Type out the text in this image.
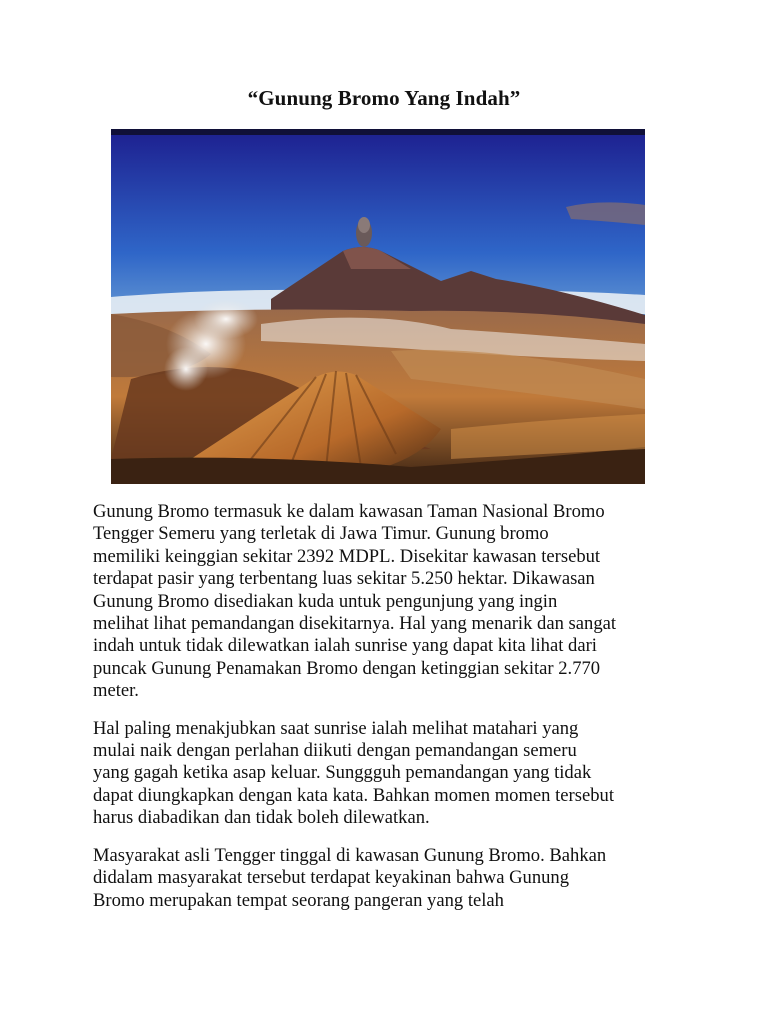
“Gunung Bromo Yang Indah”

Gunung Bromo termasuk ke dalam kawasan Taman Nasional Bromo
Tengger Semeru yang terletak di Jawa Timur. Gunung bromo
memiliki keinggian sekitar 2392 MDPL. Disekitar kawasan tersebut
terdapat pasir yang terbentang luas sekitar 5.250 hektar. Dikawasan
Gunung Bromo disediakan kuda untuk pengunjung yang ingin
melihat lihat pemandangan disekitarnya. Hal yang menarik dan sangat
indah untuk tidak dilewatkan ialah sunrise yang dapat kita lihat dari
puncak Gunung Penamakan Bromo dengan ketinggian sekitar 2.770
meter.

Hal paling menakjubkan saat sunrise ialah melihat matahari yang
mulai naik dengan perlahan diikuti dengan pemandangan semeru
yang gagah ketika asap keluar. Sunggguh pemandangan yang tidak
dapat diungkapkan dengan kata kata. Bahkan momen momen tersebut
harus diabadikan dan tidak boleh dilewatkan.

Masyarakat asli Tengger tinggal di kawasan Gunung Bromo. Bahkan
didalam masyarakat tersebut terdapat keyakinan bahwa Gunung
Bromo merupakan tempat seorang pangeran yang telah
